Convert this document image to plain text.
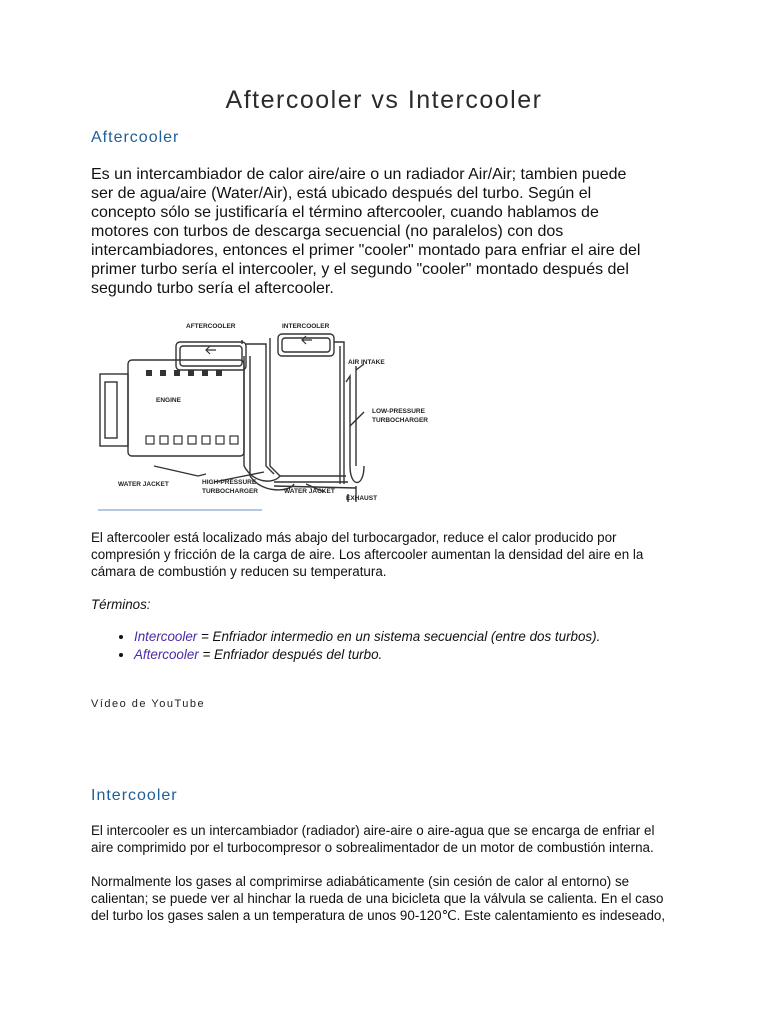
Aftercooler vs Intercooler
Aftercooler
Es un intercambiador de calor aire/aire o un radiador Air/Air; tambien puede
ser de agua/aire (Water/Air), está ubicado después del turbo. Según el
concepto sólo se justificaría el término aftercooler, cuando hablamos de
motores con turbos de descarga secuencial (no paralelos) con dos
intercambiadores, entonces el primer "cooler" montado para enfriar el aire del
primer turbo sería el intercooler, y el segundo "cooler" montado después del
segundo turbo sería el aftercooler.
AFTERCOOLER	INTERCOOLER
AIR INTAKE
ENGINE
LOW-PRESSURE
TURBOCHARGER
WATER JACKET	HIGH-PRESSURE
TURBOCHARGER	WATER JACKET
EXHAUST
El aftercooler está localizado más abajo del turbocargador, reduce el calor producido por
compresión y fricción de la carga de aire. Los aftercooler aumentan la densidad del aire en la
cámara de combustión y reducen su temperatura.
Términos:
• Intercooler = Enfriador intermedio en un sistema secuencial (entre dos turbos).
• Aftercooler = Enfriador después del turbo.
Vídeo de YouTube
Intercooler
El intercooler es un intercambiador (radiador) aire-aire o aire-agua que se encarga de enfriar el
aire comprimido por el turbocompresor o sobrealimentador de un motor de combustión interna.
Normalmente los gases al comprimirse adiabáticamente (sin cesión de calor al entorno) se
calientan; se puede ver al hinchar la rueda de una bicicleta que la válvula se calienta. En el caso
del turbo los gases salen a un temperatura de unos 90-120℃. Este calentamiento es indeseado,
